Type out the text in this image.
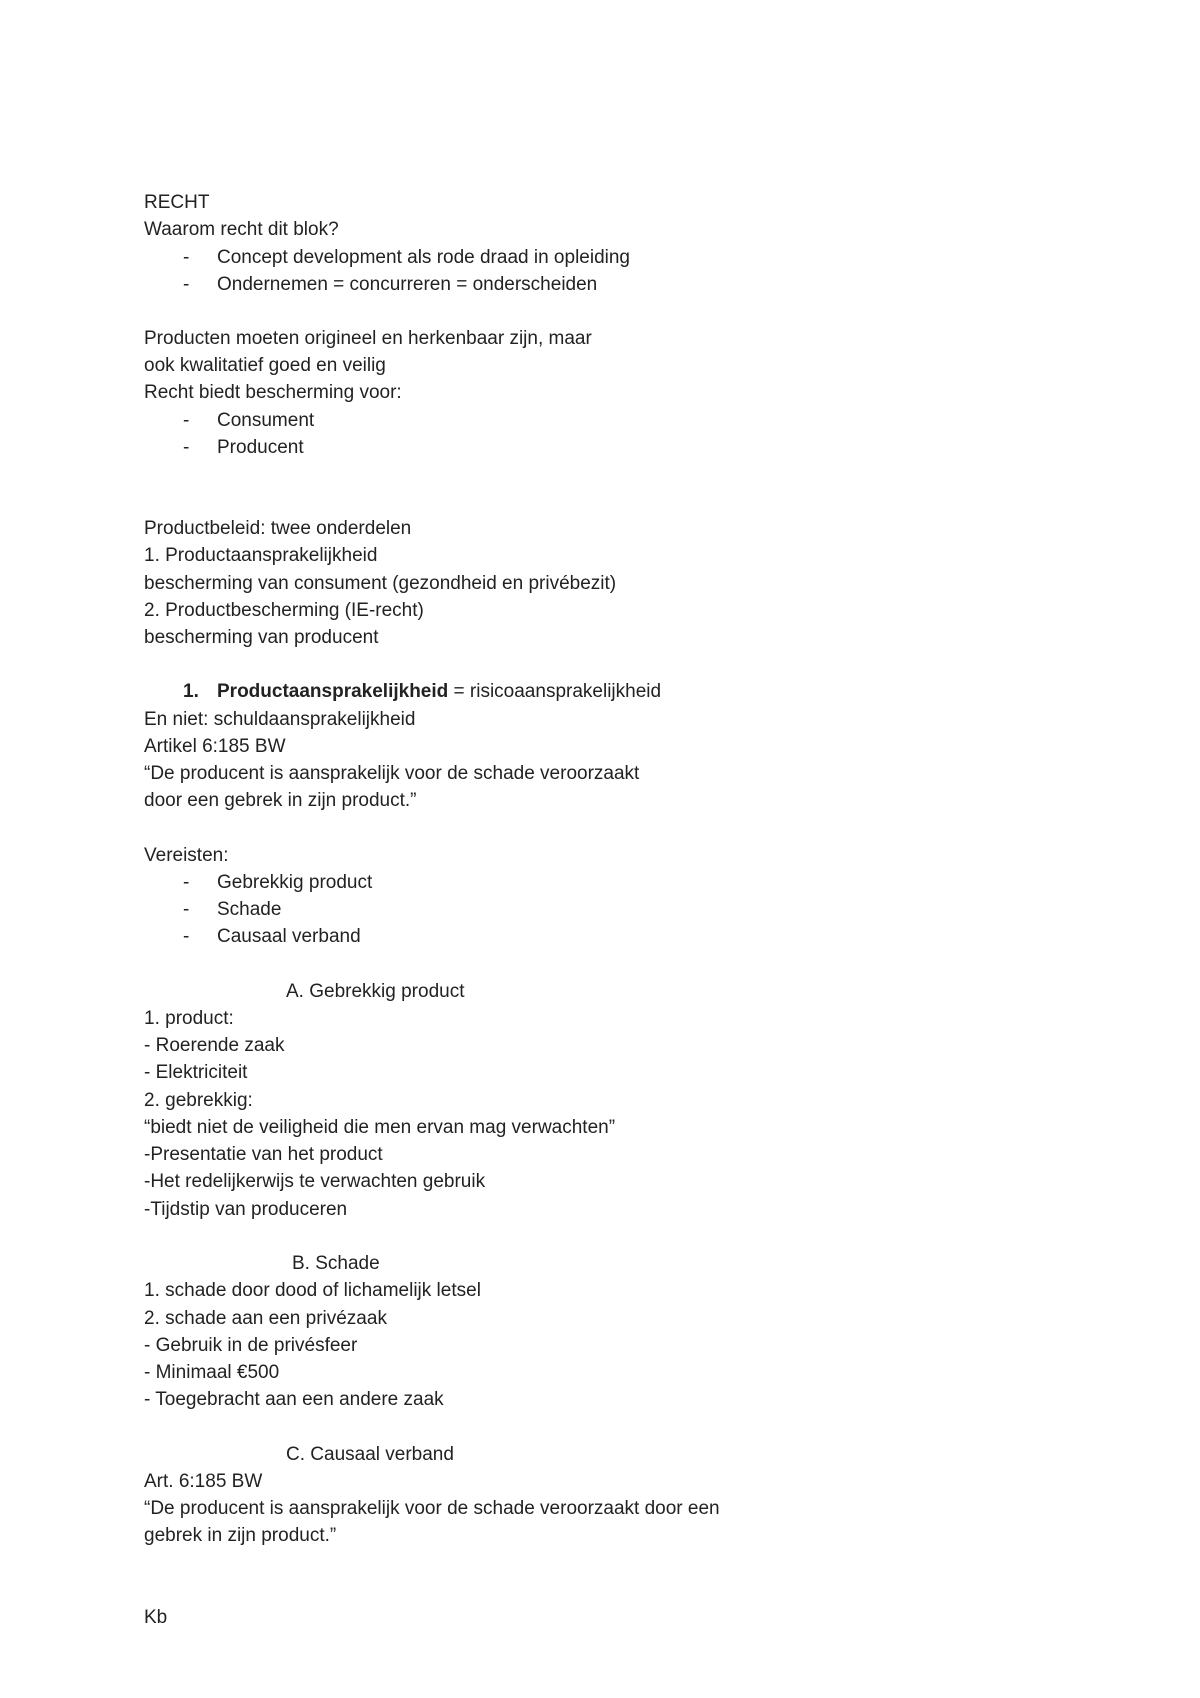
RECHT
Waarom recht dit blok?
- Concept development als rode draad in opleiding
- Ondernemen = concurreren = onderscheiden
Producten moeten origineel en herkenbaar zijn, maar
ook kwalitatief goed en veilig
Recht biedt bescherming voor:
- Consument
- Producent
Productbeleid: twee onderdelen
1. Productaansprakelijkheid
bescherming van consument (gezondheid en privébezit)
2. Productbescherming (IE-recht)
bescherming van producent
1. Productaansprakelijkheid = risicoaansprakelijkheid
En niet: schuldaansprakelijkheid
Artikel 6:185 BW
“De producent is aansprakelijk voor de schade veroorzaakt
door een gebrek in zijn product.”
Vereisten:
- Gebrekkig product
- Schade
- Causaal verband
A. Gebrekkig product
1. product:
- Roerende zaak
- Elektriciteit
2. gebrekkig:
“biedt niet de veiligheid die men ervan mag verwachten”
-Presentatie van het product
-Het redelijkerwijs te verwachten gebruik
-Tijdstip van produceren
B. Schade
1. schade door dood of lichamelijk letsel
2. schade aan een privézaak
- Gebruik in de privésfeer
- Minimaal €500
- Toegebracht aan een andere zaak
C. Causaal verband
Art. 6:185 BW
“De producent is aansprakelijk voor de schade veroorzaakt door een
gebrek in zijn product.”
Kb
